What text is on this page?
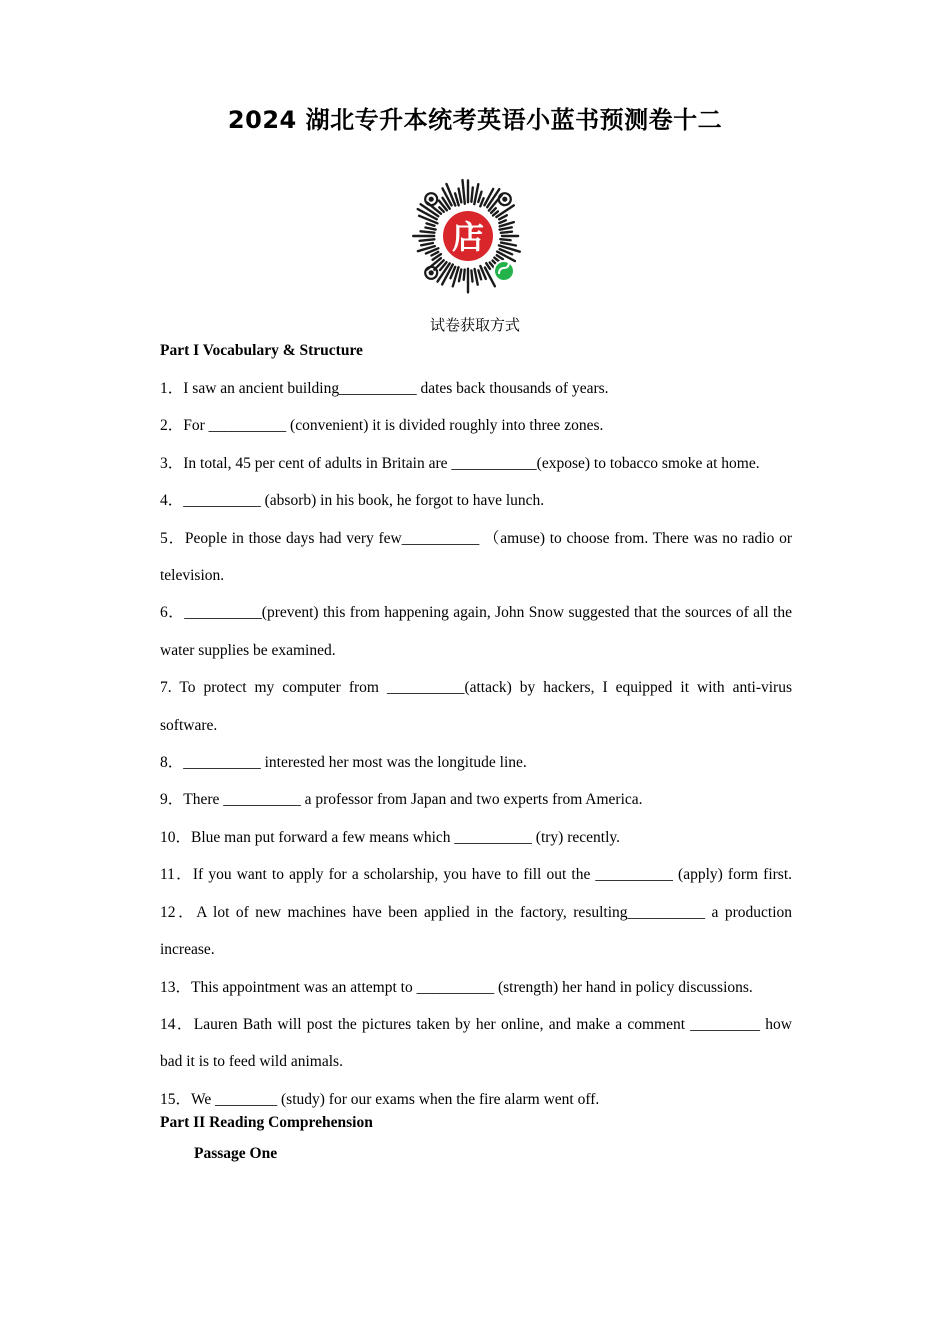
2024 湖北专升本统考英语小蓝书预测卷十二
店
试卷获取方式
Part I Vocabulary & Structure
1．I saw an ancient building__________ dates back thousands of years.
2．For __________ (convenient) it is divided roughly into three zones.
3．In total, 45 per cent of adults in Britain are ___________(expose) to tobacco smoke at home.
4．__________ (absorb) in his book, he forgot to have lunch.
5．People in those days had very few__________ （amuse) to choose from. There was no radio or television.
6．__________(prevent) this from happening again, John Snow suggested that the sources of all the water supplies be examined.
7. To protect my computer from __________(attack) by hackers, I equipped it with anti-virus software.
8．__________ interested her most was the longitude line.
9．There __________ a professor from Japan and two experts from America.
10．Blue man put forward a few means which __________ (try) recently.
11．If you want to apply for a scholarship, you have to fill out the __________ (apply) form first. 12．A lot of new machines have been applied in the factory, resulting__________ a production increase.
13．This appointment was an attempt to __________ (strength) her hand in policy discussions.
14．Lauren Bath will post the pictures taken by her online, and make a comment _________ how bad it is to feed wild animals.
15．We ________ (study) for our exams when the fire alarm went off.
Part II Reading Comprehension
Passage One
